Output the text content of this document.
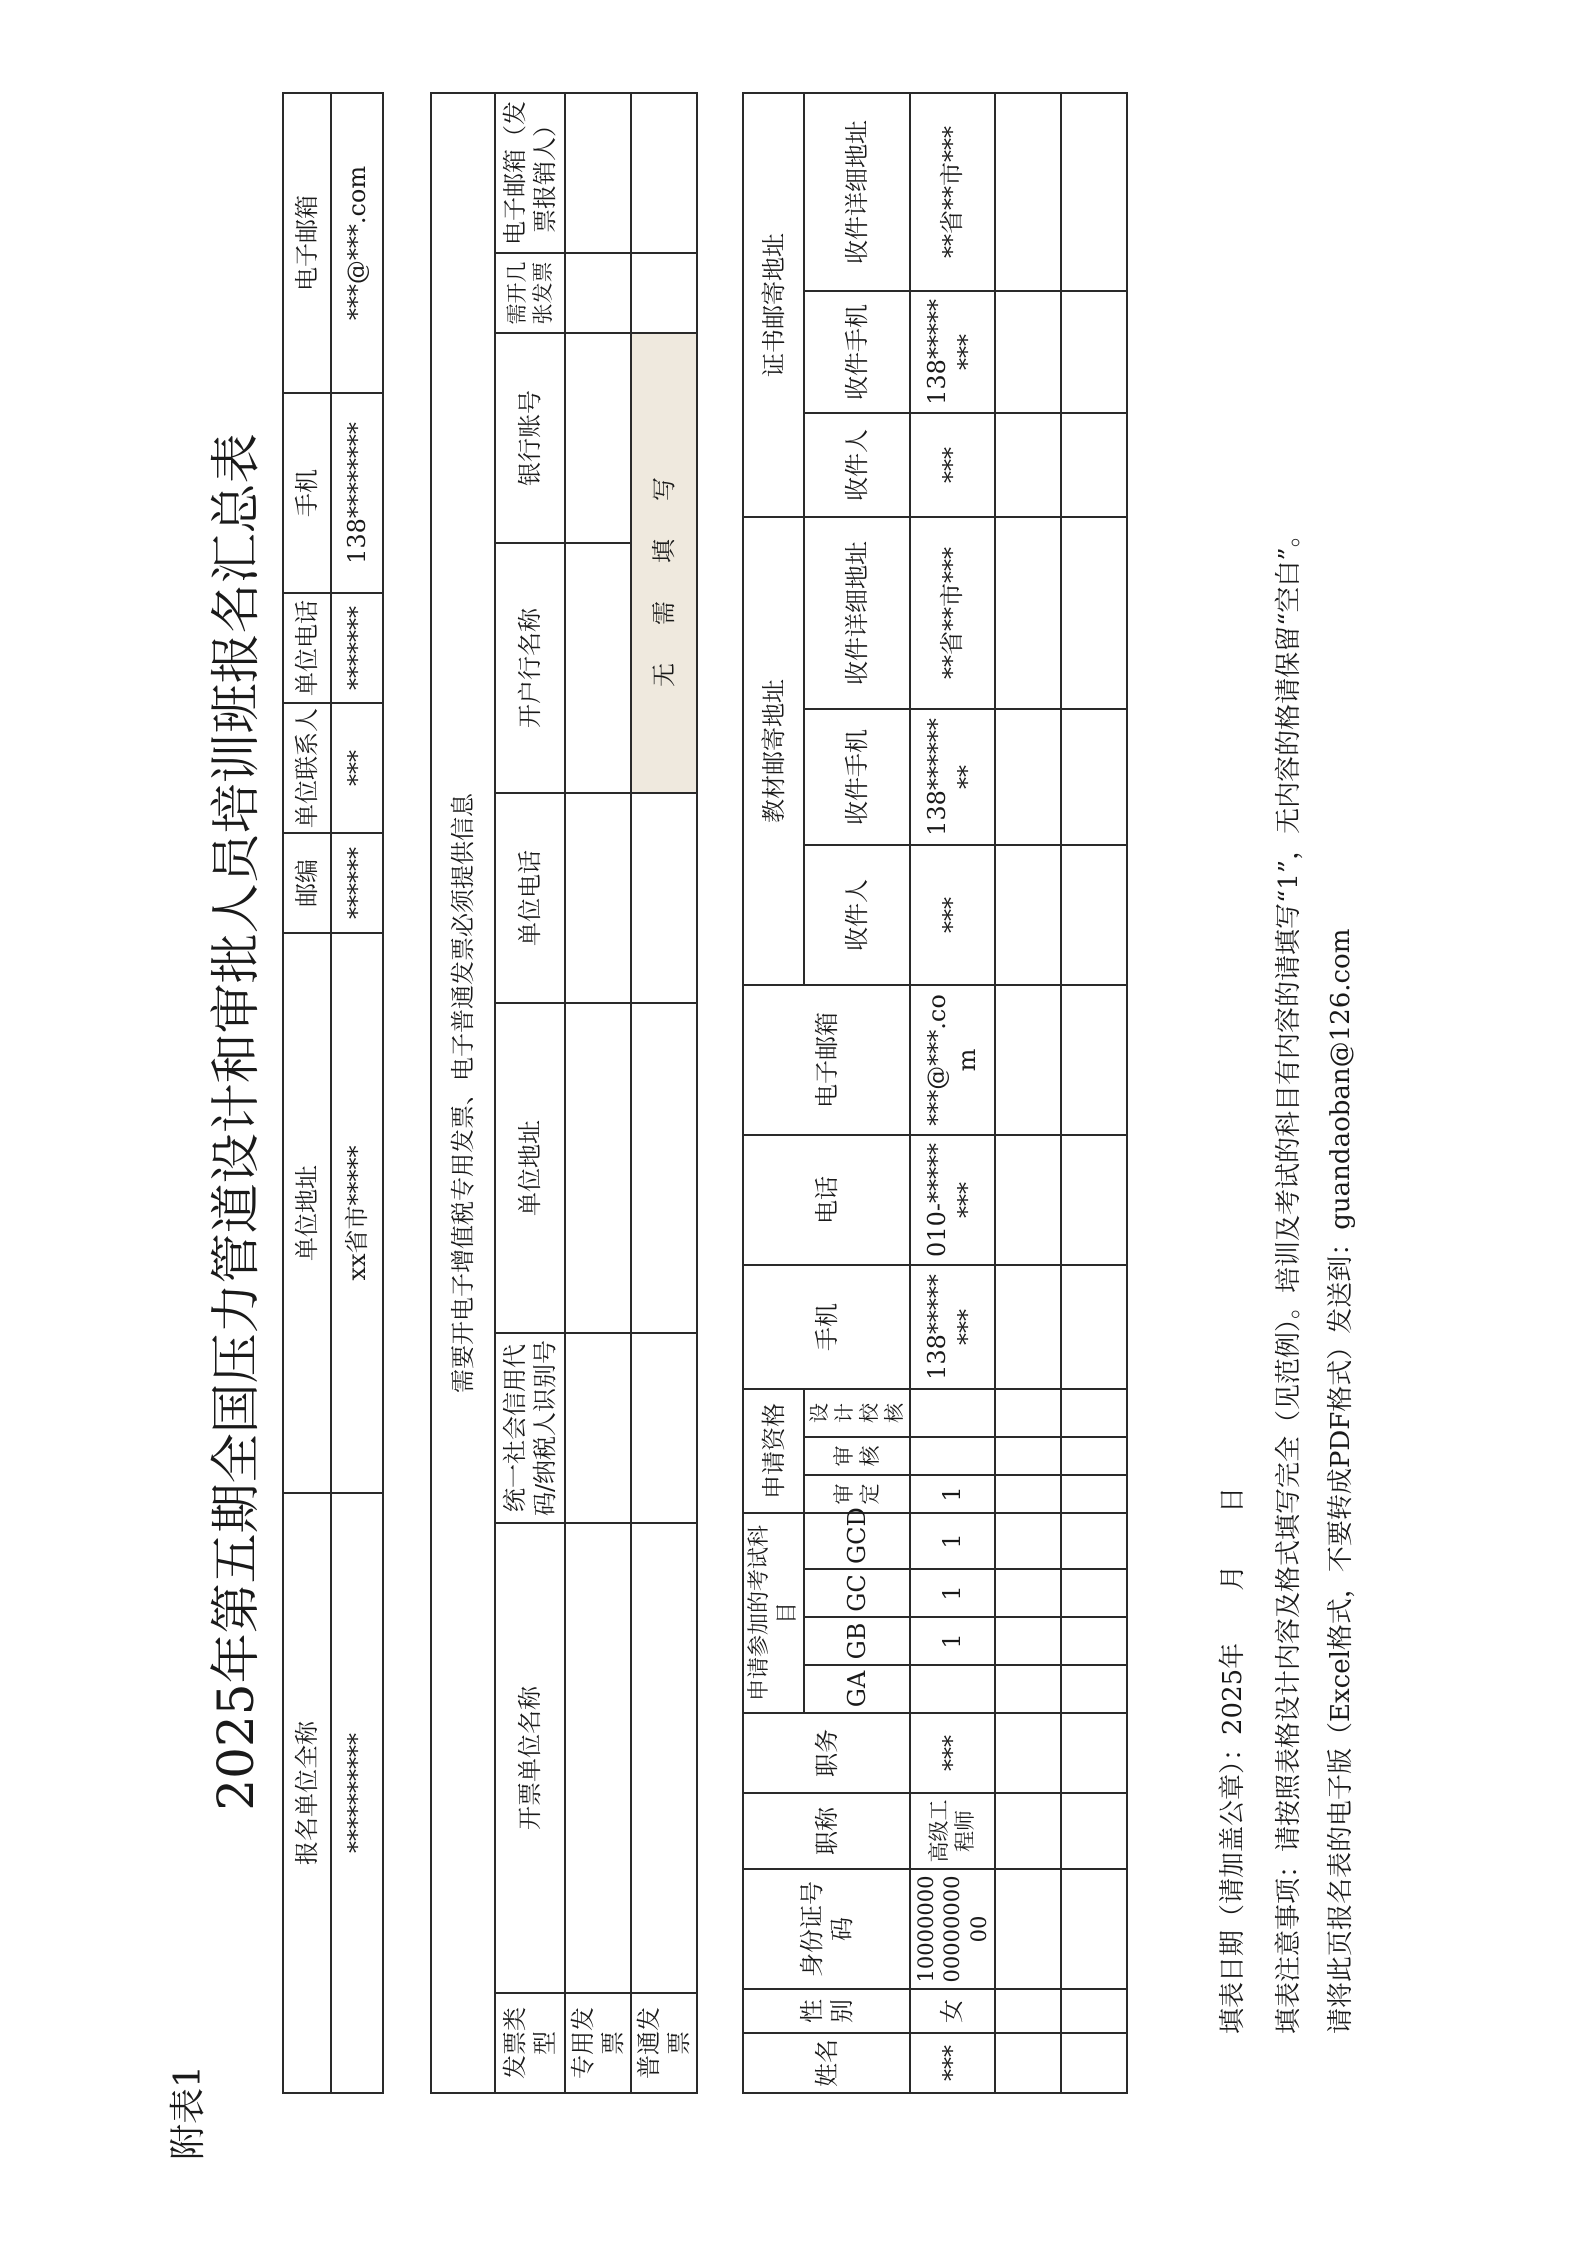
附表1
2025年第五期全国压力管道设计和审批人员培训班报名汇总表 报名单位全称	单位地址	邮编	单位联系人	单位电话	手机	电子邮箱
**********	xx省市*****	******	***	*******	138********	***@***.com
需要开电子增值税专用发票、电子普通发票必须提供信息								
发票类型	开票单位名称	统一社会信用代码/纳税人识别号	单位地址	单位电话	开户行名称	银行账号	需开几张发票	电子邮箱（发票报销人）
专用发票								
普通发票					无需填写			
姓名	性别	身份证号码	职称	职务	申请参加的考试科目				申请资格			手机	电话	电子邮箱	教材邮寄地址			证书邮寄地址		
					GA	GB	GC	GCD	审定	审核	设计校核				收件人	收件手机	收件详细地址	收件人	收件手机	收件详细地址
***	女	100000000000000000	高级工程师	***		1	1	1	1			138********	010-********	***@***.com	***	138********	**省**市***	***	138********	**省**市***

填表日期（请加盖公章）：2025年　　月　　日 填表注意事项：请按照表格设计内容及格式填写完全（见范例）。培训及考试的科目有内容的请填写“1”，无内容的格请保留“空白”。 请将此页报名表的电子版（Excel格式，不要转成PDF格式）发送到：guandaoban@126.com
